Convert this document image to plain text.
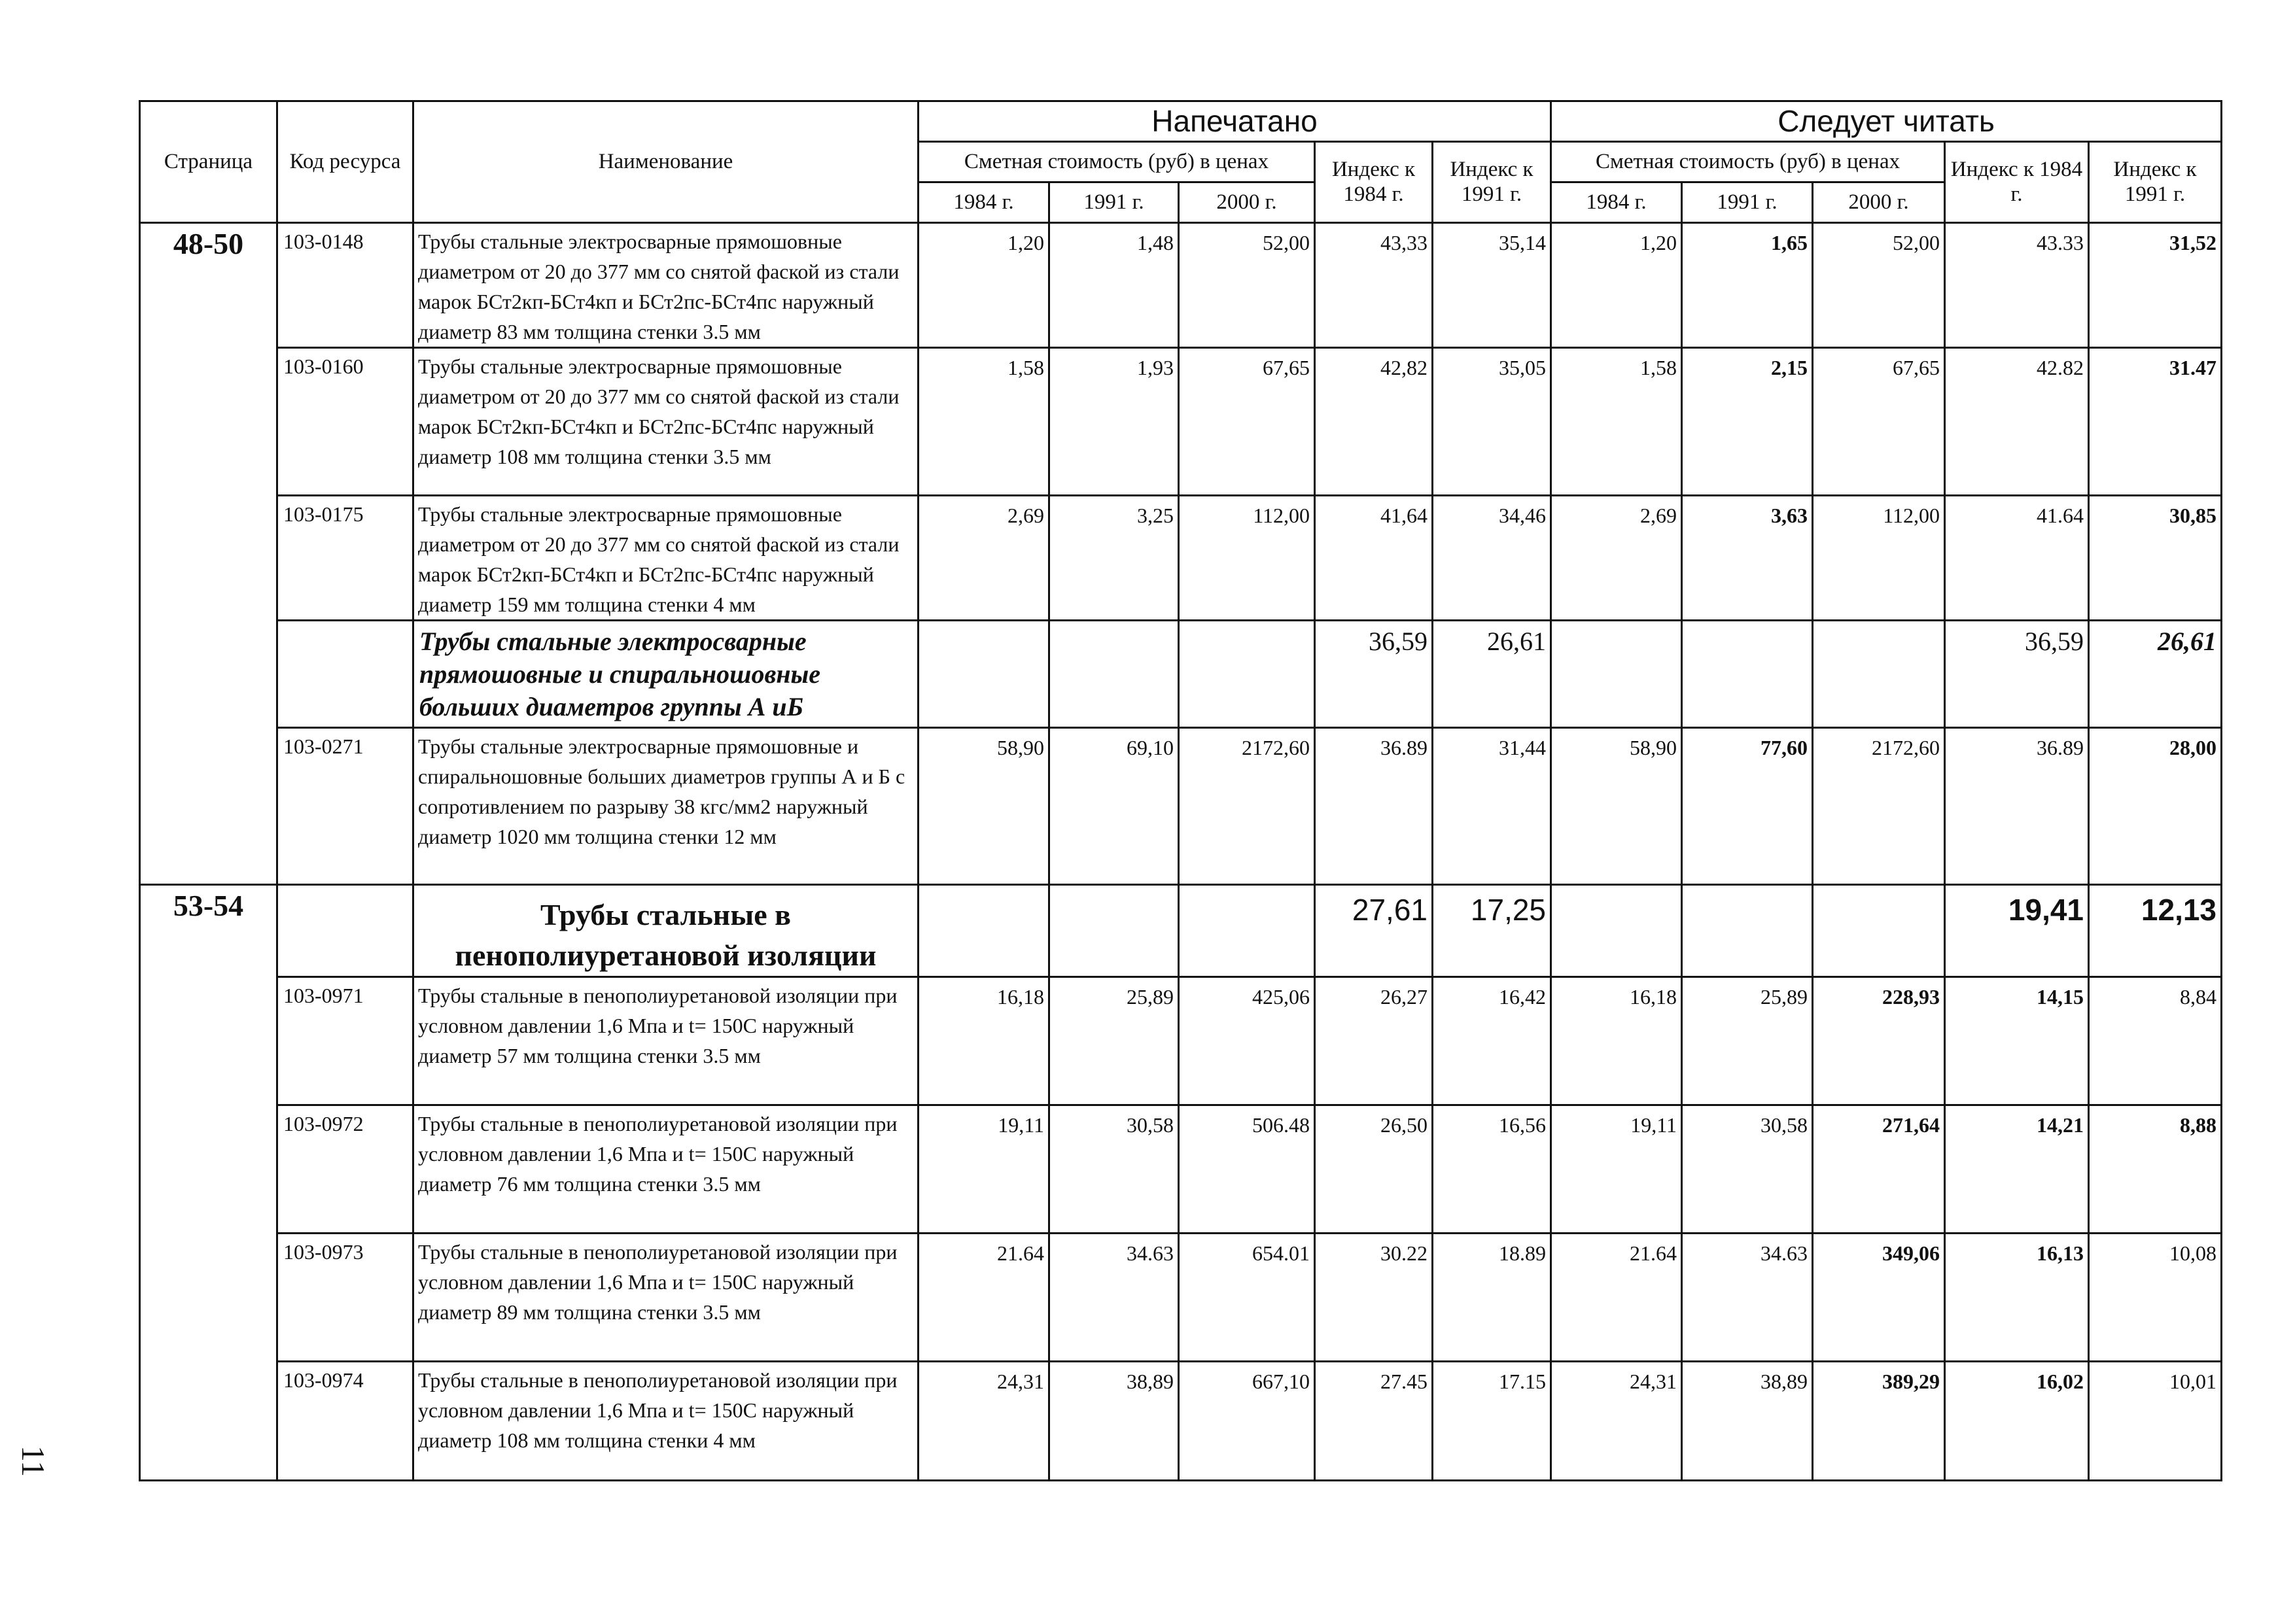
Страница	Код ресурса	Наименование	Напечатано					Следует читать				
			Сметная стоимость (руб) в ценах			Индекс к 1984 г.	Индекс к 1991 г.	Сметная стоимость (руб) в ценах			Индекс к 1984 г.	Индекс к 1991 г.
			1984 г.	1991 г.	2000 г.			1984 г.	1991 г.	2000 г.		
48-50	103-0148	Трубы стальные электросварные прямошовные диаметром от 20 до 377 мм со снятой фаской из стали марок БСт2кп-БСт4кп и БСт2пс-БСт4пс наружный диаметр 83 мм толщина стенки 3.5 мм	1,20	1,48	52,00	43,33	35,14	1,20	1,65	52,00	43.33	31,52
	103-0160	Трубы стальные электросварные прямошовные диаметром от 20 до 377 мм со снятой фаской из стали марок БСт2кп-БСт4кп и БСт2пс-БСт4пс наружный диаметр 108 мм толщина стенки 3.5 мм	1,58	1,93	67,65	42,82	35,05	1,58	2,15	67,65	42.82	31.47
	103-0175	Трубы стальные электросварные прямошовные диаметром от 20 до 377 мм со снятой фаской из стали марок БСт2кп-БСт4кп и БСт2пс-БСт4пс наружный диаметр 159 мм толщина стенки 4 мм	2,69	3,25	112,00	41,64	34,46	2,69	3,63	112,00	41.64	30,85
		Трубы стальные электросварные прямошовные и спиральношовные больших диаметров группы А иБ				36,59	26,61				36,59	26,61
	103-0271	Трубы стальные электросварные прямошовные и спиральношовные больших диаметров группы А и Б с сопротивлением по разрыву 38 кгс/мм2 наружный диаметр 1020 мм толщина стенки 12 мм	58,90	69,10	2172,60	36.89	31,44	58,90	77,60	2172,60	36.89	28,00
53-54		Трубы стальные в пенополиуретановой изоляции				27,61	17,25				19,41	12,13
	103-0971	Трубы стальные в пенополиуретановой изоляции при условном давлении 1,6 Мпа и t= 150С наружный диаметр 57 мм толщина стенки 3.5 мм	16,18	25,89	425,06	26,27	16,42	16,18	25,89	228,93	14,15	8,84
	103-0972	Трубы стальные в пенополиуретановой изоляции при условном давлении 1,6 Мпа и t= 150С наружный диаметр 76 мм толщина стенки 3.5 мм	19,11	30,58	506.48	26,50	16,56	19,11	30,58	271,64	14,21	8,88
	103-0973	Трубы стальные в пенополиуретановой изоляции при условном давлении 1,6 Мпа и t= 150С наружный диаметр 89 мм толщина стенки 3.5 мм	21.64	34.63	654.01	30.22	18.89	21.64	34.63	349,06	16,13	10,08
	103-0974	Трубы стальные в пенополиуретановой изоляции при условном давлении 1,6 Мпа и t= 150С наружный диаметр 108 мм толщина стенки 4 мм	24,31	38,89	667,10	27.45	17.15	24,31	38,89	389,29	16,02	10,01
11
